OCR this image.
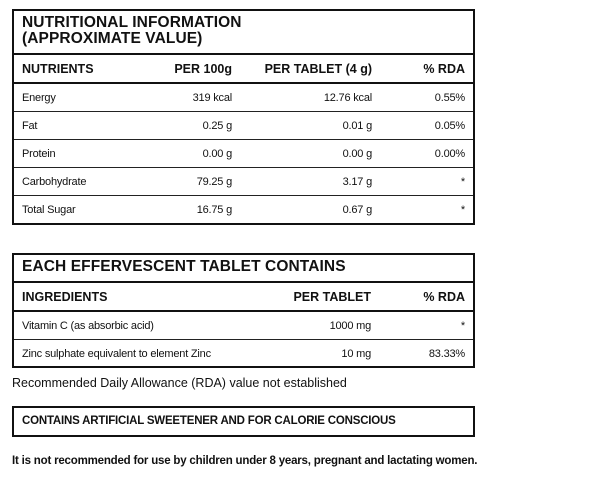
NUTRITIONAL INFORMATION
(APPROXIMATE VALUE)
NUTRIENTS	PER 100g	PER TABLET (4 g)	% RDA
Energy	319 kcal	12.76 kcal	0.55%
Fat	0.25 g	0.01 g	0.05%
Protein	0.00 g	0.00 g	0.00%
Carbohydrate	79.25 g	3.17 g	*
Total Sugar	16.75 g	0.67 g	*
EACH EFFERVESCENT TABLET CONTAINS
INGREDIENTS	PER TABLET	% RDA
Vitamin C (as absorbic acid)	1000 mg	*
Zinc sulphate equivalent to element Zinc	10 mg	83.33%
Recommended Daily Allowance (RDA) value not established
CONTAINS ARTIFICIAL SWEETENER AND FOR CALORIE CONSCIOUS
It is not recommended for use by children under 8 years, pregnant and lactating women.
